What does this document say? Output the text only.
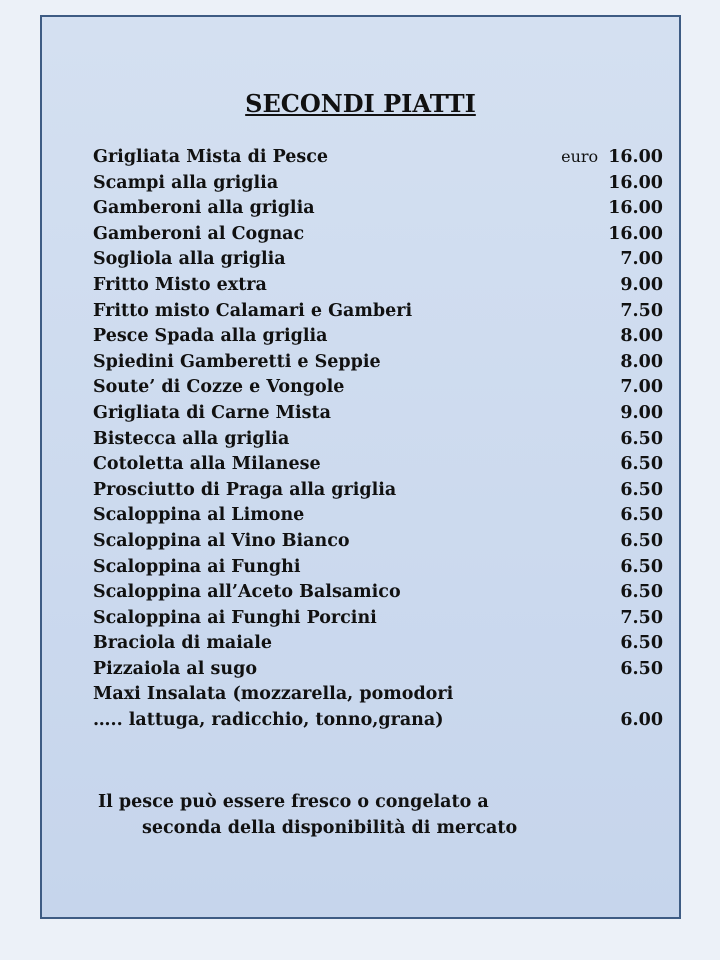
SECONDI PIATTI
Grigliata Mista di Pesce	euro 16.00
Scampi alla griglia	16.00
Gamberoni alla griglia	16.00
Gamberoni al Cognac	16.00
Sogliola alla griglia	7.00
Fritto Misto extra	9.00
Fritto misto Calamari e Gamberi	7.50
Pesce Spada alla griglia	8.00
Spiedini Gamberetti e Seppie	8.00
Soute’ di Cozze e Vongole	7.00
Grigliata di Carne Mista	9.00
Bistecca alla griglia	6.50
Cotoletta alla Milanese	6.50
Prosciutto di Praga alla griglia	6.50
Scaloppina al Limone	6.50
Scaloppina al Vino Bianco	6.50
Scaloppina ai Funghi	6.50
Scaloppina all’Aceto Balsamico	6.50
Scaloppina ai Funghi Porcini	7.50
Braciola di maiale	6.50
Pizzaiola al sugo	6.50
Maxi Insalata (mozzarella, pomodori
….. lattuga, radicchio, tonno,grana)	6.00
Il pesce può essere fresco o congelato a
seconda della disponibilità di mercato
